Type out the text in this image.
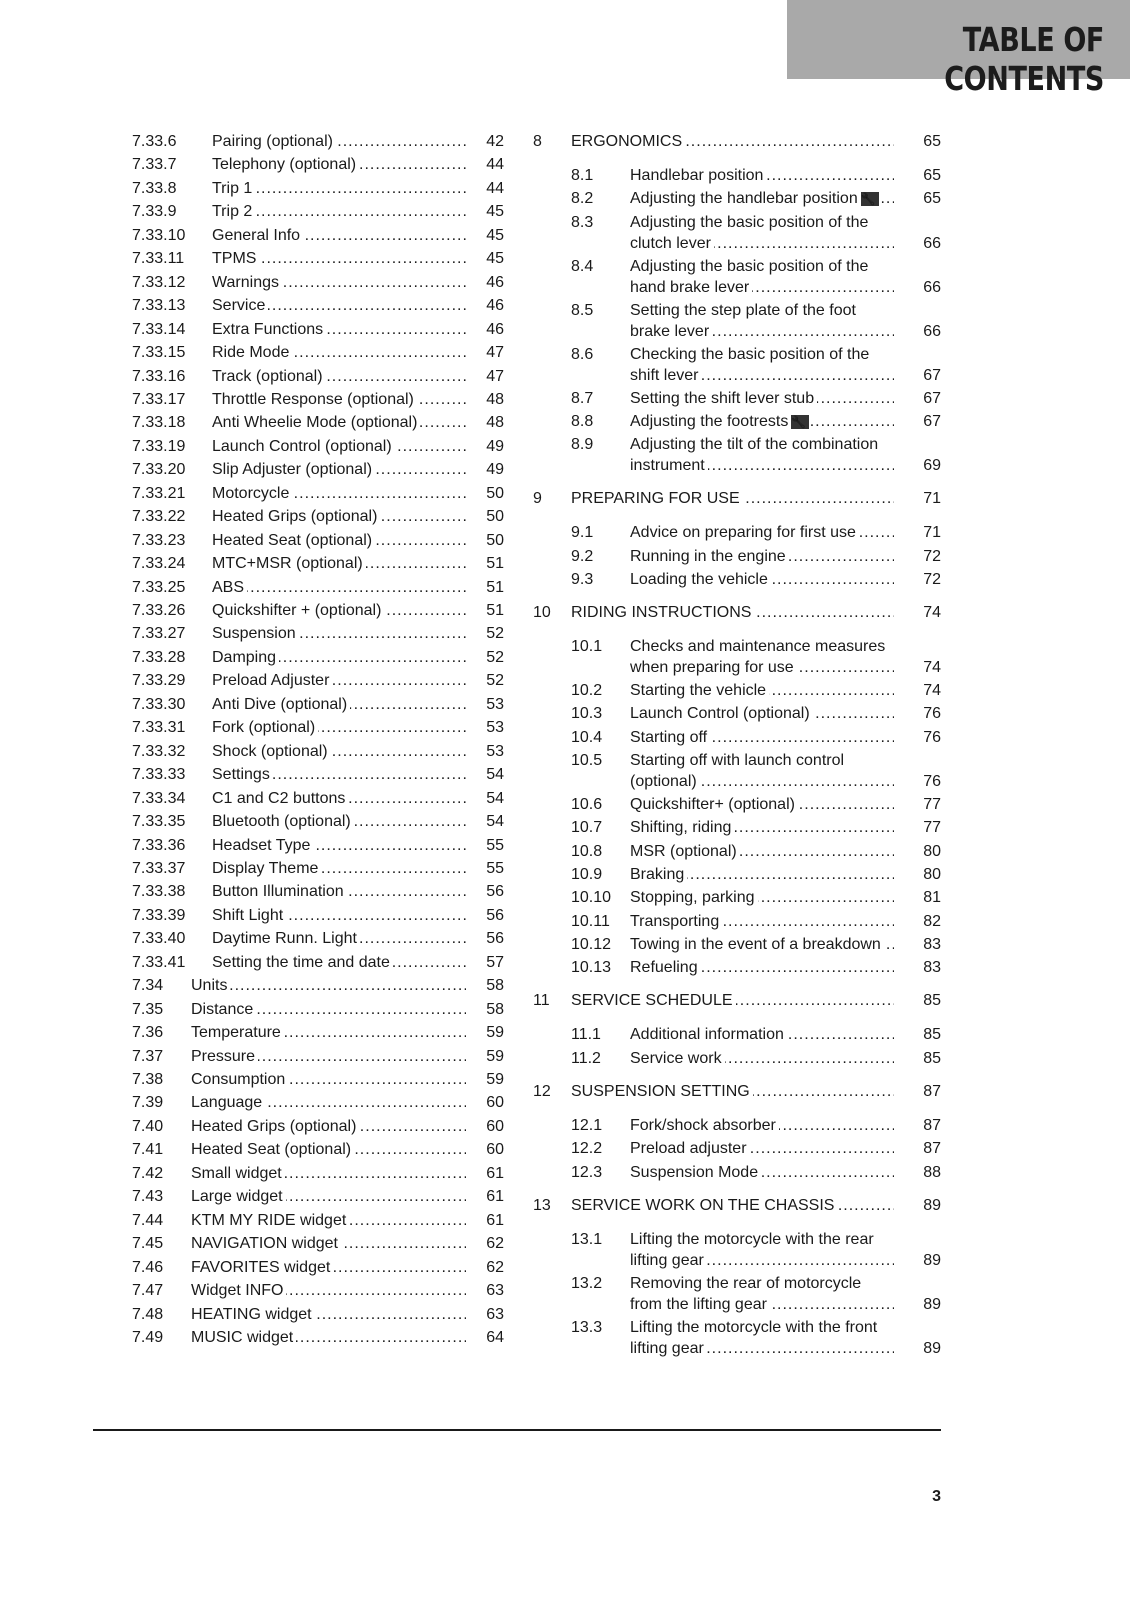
TABLE OF CONTENTS
7.33.6 Pairing (optional) .....	42
7.33.7 Telephony (optional) .....	44
7.33.8 Trip 1 .....	44
7.33.9 Trip 2 .....	45
7.33.10 General Info .....	45
7.33.11 TPMS .....	45
7.33.12 Warnings .....	46
7.33.13 Service .....	46
7.33.14 Extra Functions .....	46
7.33.15 Ride Mode .....	47
7.33.16 Track (optional) .....	47
7.33.17 Throttle Response (optional) .....	48
7.33.18 Anti Wheelie Mode (optional) .....	48
7.33.19 Launch Control (optional) .....	49
7.33.20 Slip Adjuster (optional) .....	49
7.33.21 Motorcycle .....	50
7.33.22 Heated Grips (optional) .....	50
7.33.23 Heated Seat (optional) .....	50
7.33.24 MTC+MSR (optional) .....	51
7.33.25 ABS .....	51
7.33.26 Quickshifter + (optional) .....	51
7.33.27 Suspension .....	52
7.33.28 Damping .....	52
7.33.29 Preload Adjuster .....	52
7.33.30 Anti Dive (optional) .....	53
7.33.31 Fork (optional) .....	53
7.33.32 Shock (optional) .....	53
7.33.33 Settings .....	54
7.33.34 C1 and C2 buttons .....	54
7.33.35 Bluetooth (optional) .....	54
7.33.36 Headset Type .....	55
7.33.37 Display Theme .....	55
7.33.38 Button Illumination .....	56
7.33.39 Shift Light .....	56
7.33.40 Daytime Runn. Light .....	56
7.33.41 Setting the time and date .....	57
7.34 Units .....	58
7.35 Distance .....	58
7.36 Temperature .....	59
7.37 Pressure .....	59
7.38 Consumption .....	59
7.39 Language .....	60
7.40 Heated Grips (optional) .....	60
7.41 Heated Seat (optional) .....	60
7.42 Small widget .....	61
7.43 Large widget .....	61
7.44 KTM MY RIDE widget .....	61
7.45 NAVIGATION widget .....	62
7.46 FAVORITES widget .....	62
7.47 Widget INFO .....	63
7.48 HEATING widget .....	63
7.49 MUSIC widget .....	64
8 ERGONOMICS .....	65
8.1 Handlebar position .....	65
8.2 Adjusting the handlebar position 🔧 .....	65
8.3 Adjusting the basic position of the
clutch lever .....	66
8.4 Adjusting the basic position of the
hand brake lever .....	66
8.5 Setting the step plate of the foot
brake lever .....	66
8.6 Checking the basic position of the
shift lever .....	67
8.7 Setting the shift lever stub .....	67
8.8 Adjusting the footrests 🔧 .....	67
8.9 Adjusting the tilt of the combination
instrument .....	69
9 PREPARING FOR USE .....	71
9.1 Advice on preparing for first use .....	71
9.2 Running in the engine .....	72
9.3 Loading the vehicle .....	72
10 RIDING INSTRUCTIONS .....	74
10.1 Checks and maintenance measures
when preparing for use .....	74
10.2 Starting the vehicle .....	74
10.3 Launch Control (optional) .....	76
10.4 Starting off .....	76
10.5 Starting off with launch control
(optional) .....	76
10.6 Quickshifter+ (optional) .....	77
10.7 Shifting, riding .....	77
10.8 MSR (optional) .....	80
10.9 Braking .....	80
10.10 Stopping, parking .....	81
10.11 Transporting .....	82
10.12 Towing in the event of a breakdown .....	83
10.13 Refueling .....	83
11 SERVICE SCHEDULE .....	85
11.1 Additional information .....	85
11.2 Service work .....	85
12 SUSPENSION SETTING .....	87
12.1 Fork/shock absorber .....	87
12.2 Preload adjuster .....	87
12.3 Suspension Mode .....	88
13 SERVICE WORK ON THE CHASSIS .....	89
13.1 Lifting the motorcycle with the rear
lifting gear .....	89
13.2 Removing the rear of motorcycle
from the lifting gear .....	89
13.3 Lifting the motorcycle with the front
lifting gear .....	89
3
